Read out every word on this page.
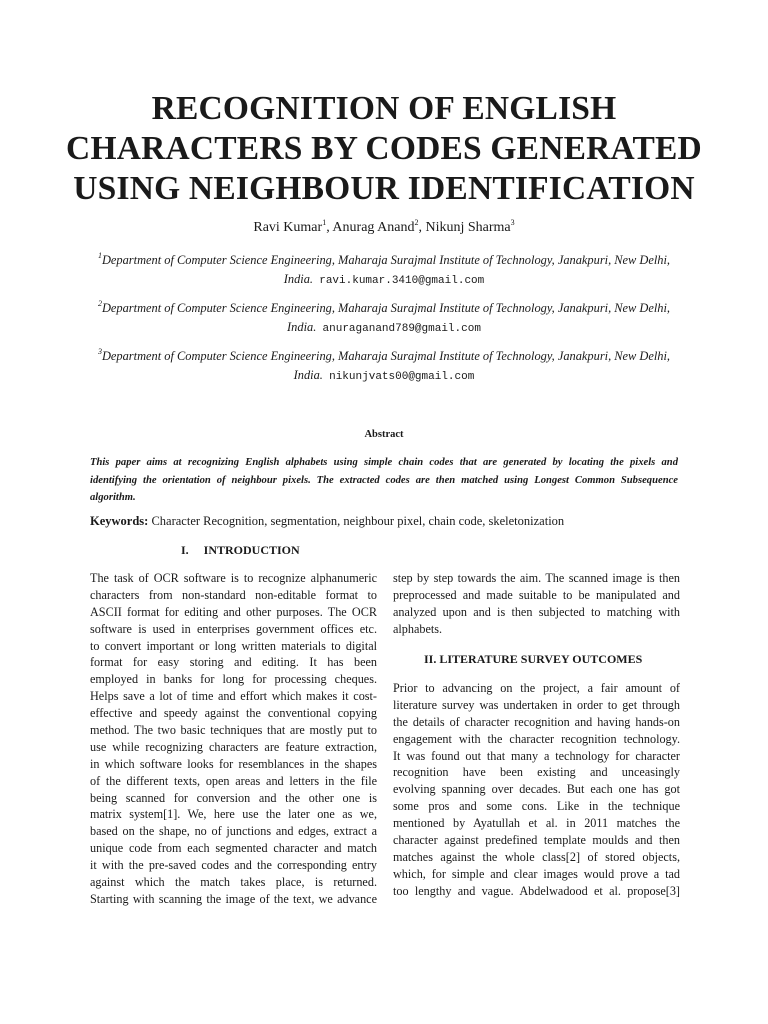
RECOGNITION OF ENGLISH
CHARACTERS BY CODES GENERATED
USING NEIGHBOUR IDENTIFICATION
Ravi Kumar$^1$, Anurag Anand$^2$, Nikunj Sharma$^3$
$^1$Department of Computer Science Engineering, Maharaja Surajmal Institute of Technology, Janakpuri, New Delhi,
India. ravi.kumar.3410@gmail.com
$^2$Department of Computer Science Engineering, Maharaja Surajmal Institute of Technology, Janakpuri, New Delhi,
India. anuraganand789@gmail.com
$^3$Department of Computer Science Engineering, Maharaja Surajmal Institute of Technology, Janakpuri, New Delhi,
India. nikunjvats00@gmail.com
Abstract
This paper aims at recognizing English alphabets using simple chain codes that are generated by locating the pixels and
identifying the orientation of neighbour pixels. The extracted codes are then matched using Longest Common Subsequence
algorithm.
Keywords: Character Recognition, segmentation, neighbour pixel, chain code, skeletonization
I.     INTRODUCTION
The task of OCR software is to recognize alphanumeric
characters from non-standard non-editable format to
ASCII format for editing and other purposes. The OCR
software is used in enterprises government offices etc.
to convert important or long written materials to digital
format for easy storing and editing. It has been
employed in banks for long for processing cheques.
Helps save a lot of time and effort which makes it cost-
effective and speedy against the conventional copying
method. The two basic techniques that are mostly put to
use while recognizing characters are feature extraction,
in which software looks for resemblances in the shapes
of the different texts, open areas and letters in the file
being scanned for conversion and the other one is
matrix system[1]. We, here use the later one as we,
based on the shape, no of junctions and edges, extract a
unique code from each segmented character and match
it with the pre-saved codes and the corresponding entry
against which the match takes place, is returned.
Starting with scanning the image of the text, we advance
step by step towards the aim. The scanned image is then
preprocessed and made suitable to be manipulated and
analyzed upon and is then subjected to matching with
alphabets.
II. LITERATURE SURVEY OUTCOMES
Prior to advancing on the project, a fair amount of
literature survey was undertaken in order to get through
the details of character recognition and having hands-on
engagement with the character recognition technology.
It was found out that many a technology for character
recognition have been existing and unceasingly
evolving spanning over decades. But each one has got
some pros and some cons. Like in the technique
mentioned by Ayatullah et al. in 2011 matches the
character against predefined template moulds and then
matches against the whole class[2] of stored objects,
which, for simple and clear images would prove a tad
too lengthy and vague. Abdelwadood et al. propose[3]
